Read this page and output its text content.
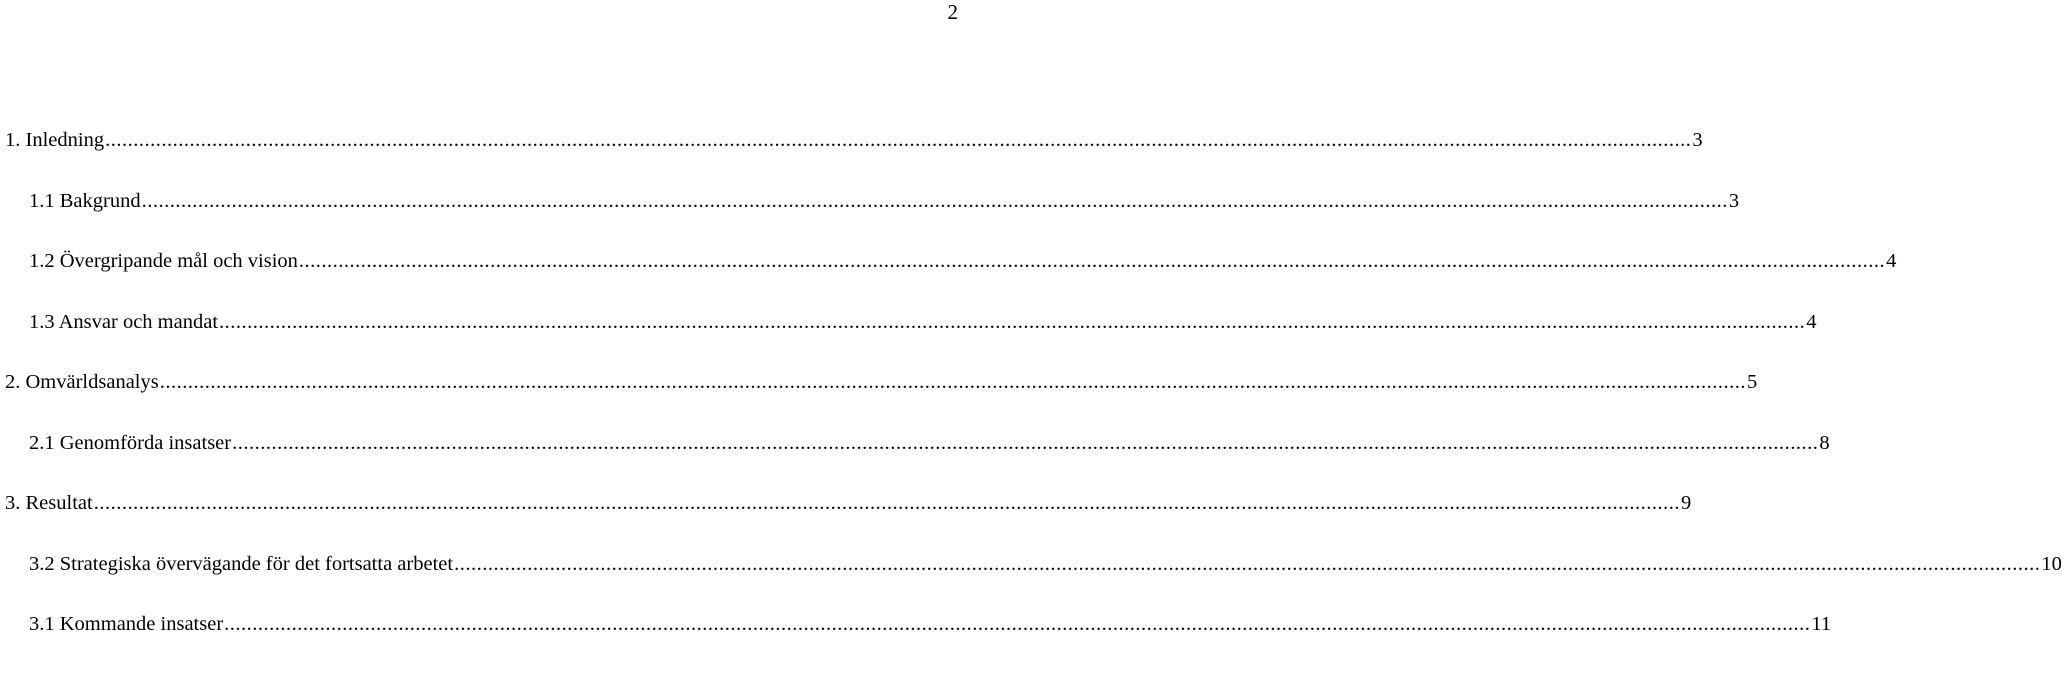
2
1. Inledning .....	3
1.1 Bakgrund .....	3
1.2 Övergripande mål och vision .....	4
1.3 Ansvar och mandat .....	4
2. Omvärldsanalys .....	5
2.1 Genomförda insatser .....	8
3. Resultat .....	9
3.2 Strategiska övervägande för det fortsatta arbetet .....	10
3.1 Kommande insatser .....	11
